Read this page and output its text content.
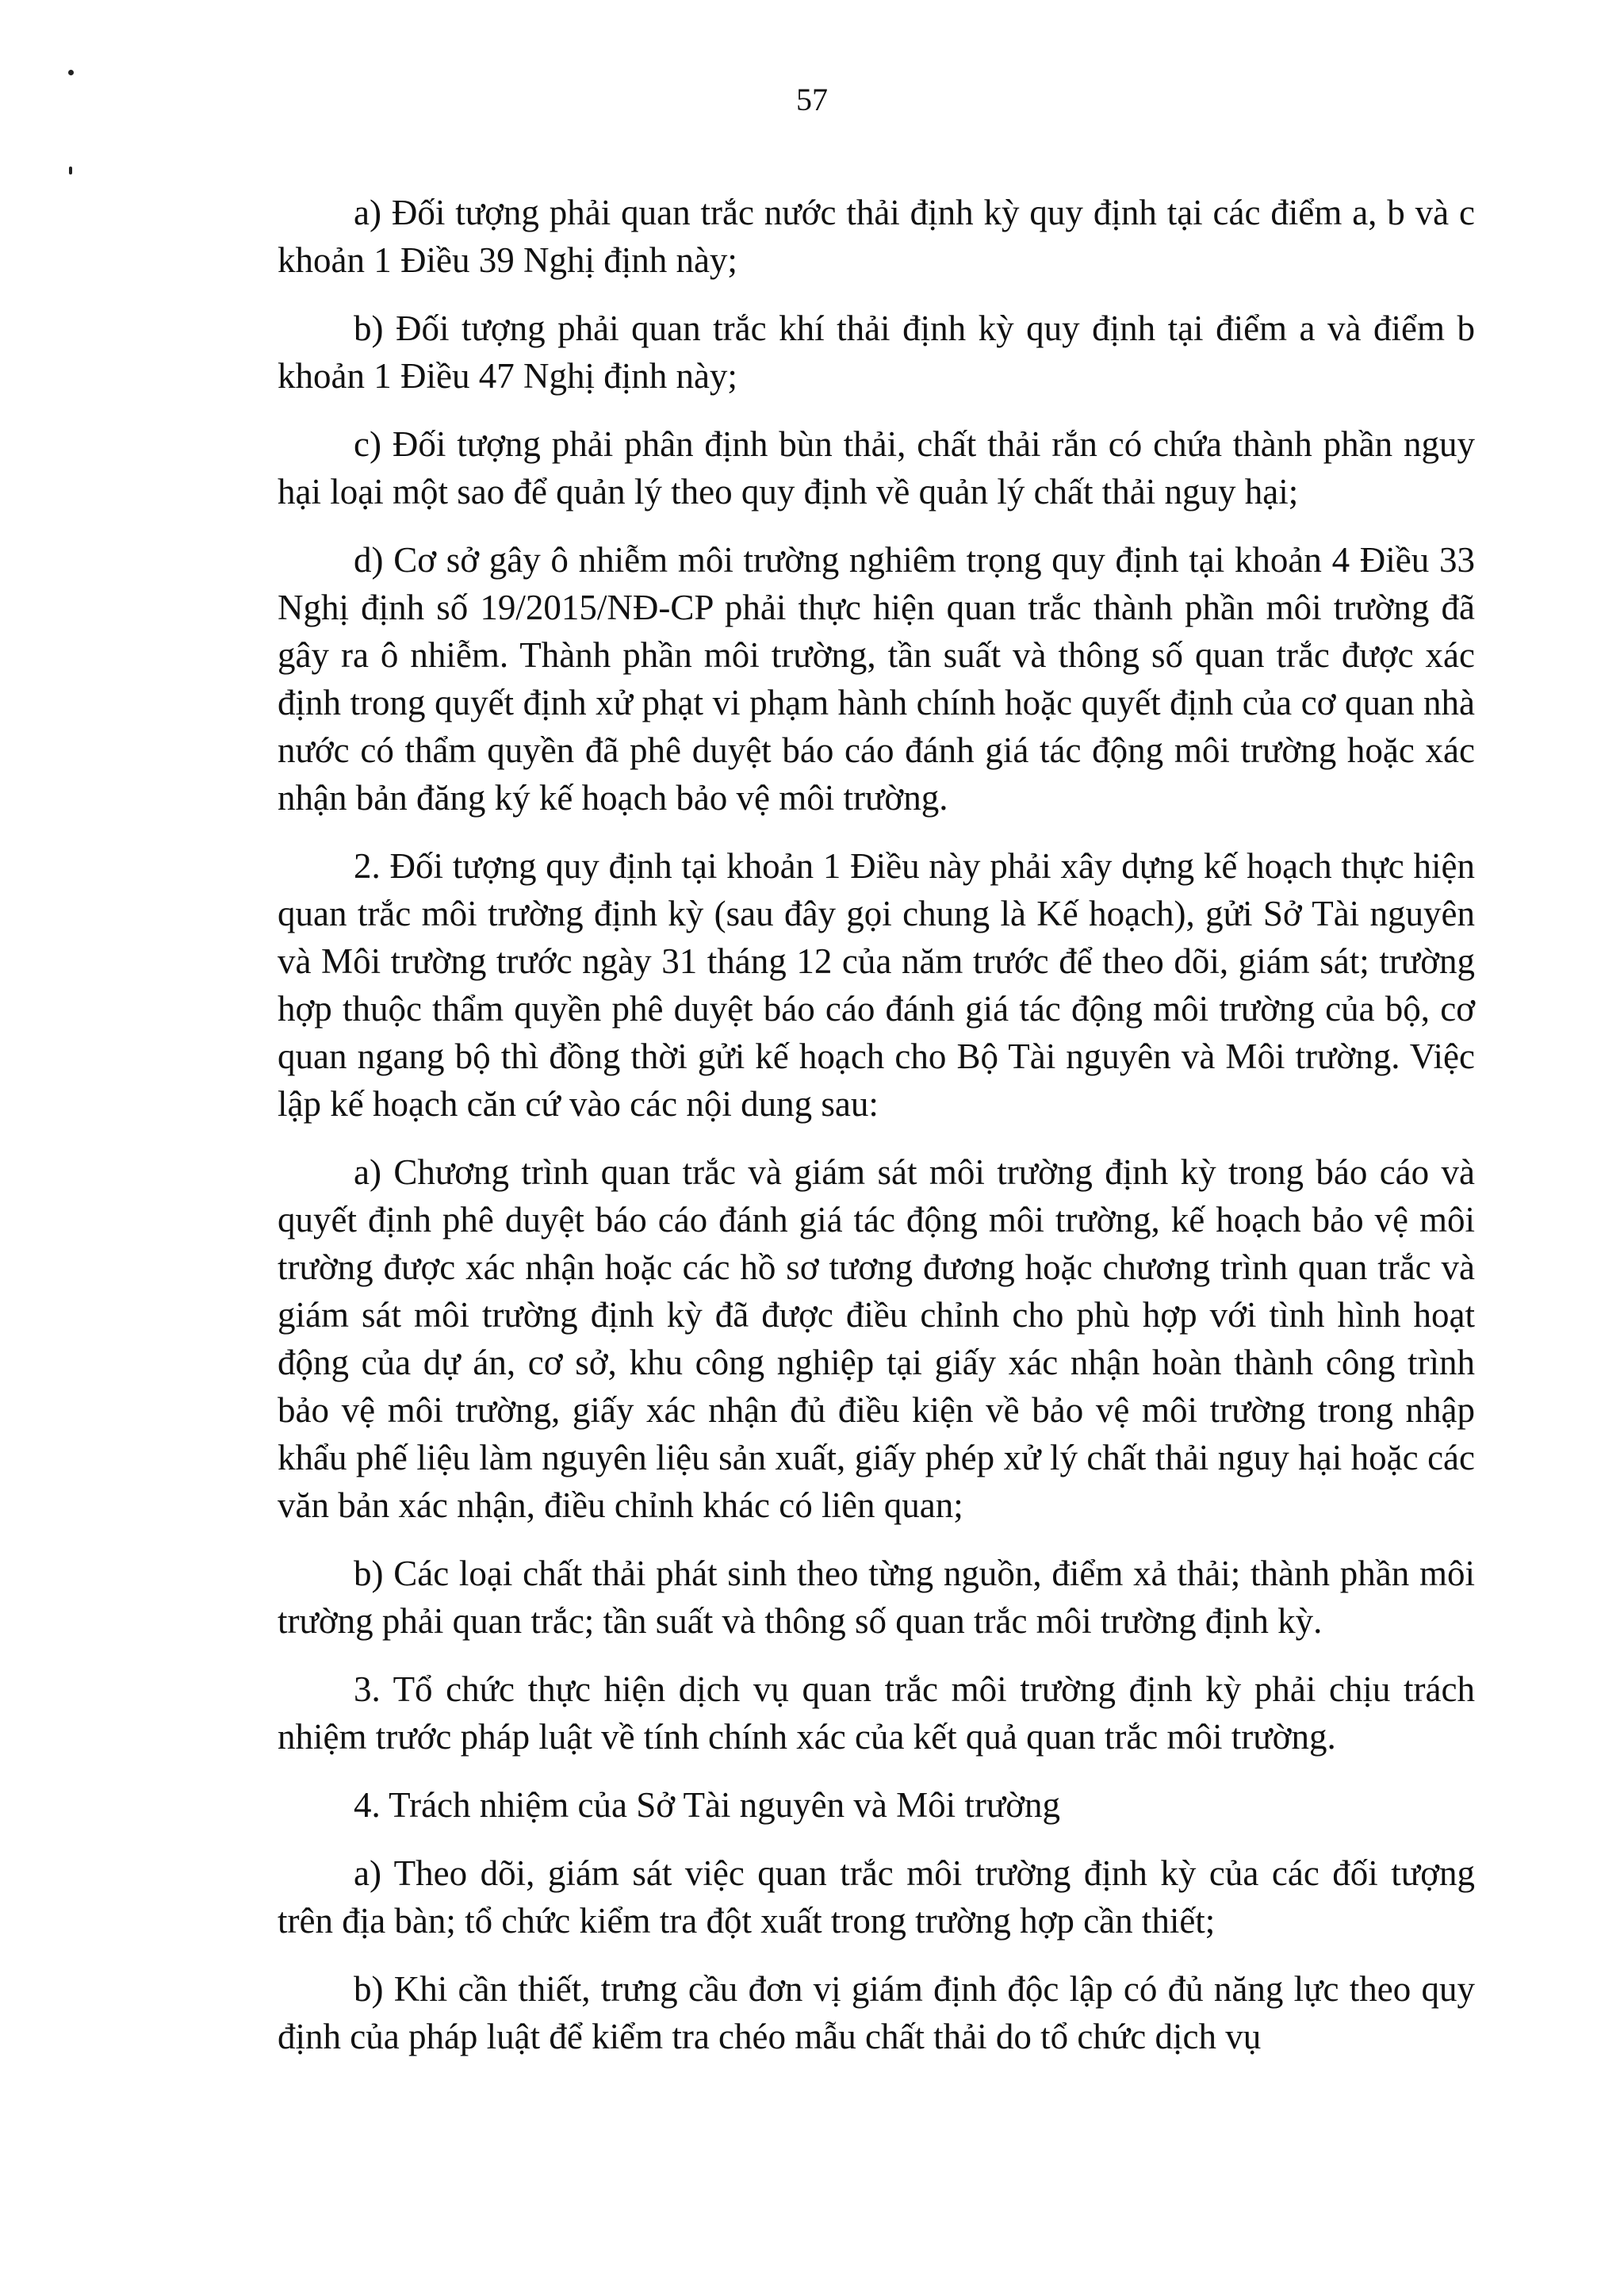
57

a) Đối tượng phải quan trắc nước thải định kỳ quy định tại các điểm a, b và c khoản 1 Điều 39 Nghị định này;

b) Đối tượng phải quan trắc khí thải định kỳ quy định tại điểm a và điểm b khoản 1 Điều 47 Nghị định này;

c) Đối tượng phải phân định bùn thải, chất thải rắn có chứa thành phần nguy hại loại một sao để quản lý theo quy định về quản lý chất thải nguy hại;

d) Cơ sở gây ô nhiễm môi trường nghiêm trọng quy định tại khoản 4 Điều 33 Nghị định số 19/2015/NĐ-CP phải thực hiện quan trắc thành phần môi trường đã gây ra ô nhiễm. Thành phần môi trường, tần suất và thông số quan trắc được xác định trong quyết định xử phạt vi phạm hành chính hoặc quyết định của cơ quan nhà nước có thẩm quyền đã phê duyệt báo cáo đánh giá tác động môi trường hoặc xác nhận bản đăng ký kế hoạch bảo vệ môi trường.

2. Đối tượng quy định tại khoản 1 Điều này phải xây dựng kế hoạch thực hiện quan trắc môi trường định kỳ (sau đây gọi chung là Kế hoạch), gửi Sở Tài nguyên và Môi trường trước ngày 31 tháng 12 của năm trước để theo dõi, giám sát; trường hợp thuộc thẩm quyền phê duyệt báo cáo đánh giá tác động môi trường của bộ, cơ quan ngang bộ thì đồng thời gửi kế hoạch cho Bộ Tài nguyên và Môi trường. Việc lập kế hoạch căn cứ vào các nội dung sau:

a) Chương trình quan trắc và giám sát môi trường định kỳ trong báo cáo và quyết định phê duyệt báo cáo đánh giá tác động môi trường, kế hoạch bảo vệ môi trường được xác nhận hoặc các hồ sơ tương đương hoặc chương trình quan trắc và giám sát môi trường định kỳ đã được điều chỉnh cho phù hợp với tình hình hoạt động của dự án, cơ sở, khu công nghiệp tại giấy xác nhận hoàn thành công trình bảo vệ môi trường, giấy xác nhận đủ điều kiện về bảo vệ môi trường trong nhập khẩu phế liệu làm nguyên liệu sản xuất, giấy phép xử lý chất thải nguy hại hoặc các văn bản xác nhận, điều chỉnh khác có liên quan;

b) Các loại chất thải phát sinh theo từng nguồn, điểm xả thải; thành phần môi trường phải quan trắc; tần suất và thông số quan trắc môi trường định kỳ.

3. Tổ chức thực hiện dịch vụ quan trắc môi trường định kỳ phải chịu trách nhiệm trước pháp luật về tính chính xác của kết quả quan trắc môi trường.

4. Trách nhiệm của Sở Tài nguyên và Môi trường

a) Theo dõi, giám sát việc quan trắc môi trường định kỳ của các đối tượng trên địa bàn; tổ chức kiểm tra đột xuất trong trường hợp cần thiết;

b) Khi cần thiết, trưng cầu đơn vị giám định độc lập có đủ năng lực theo quy định của pháp luật để kiểm tra chéo mẫu chất thải do tổ chức dịch vụ
